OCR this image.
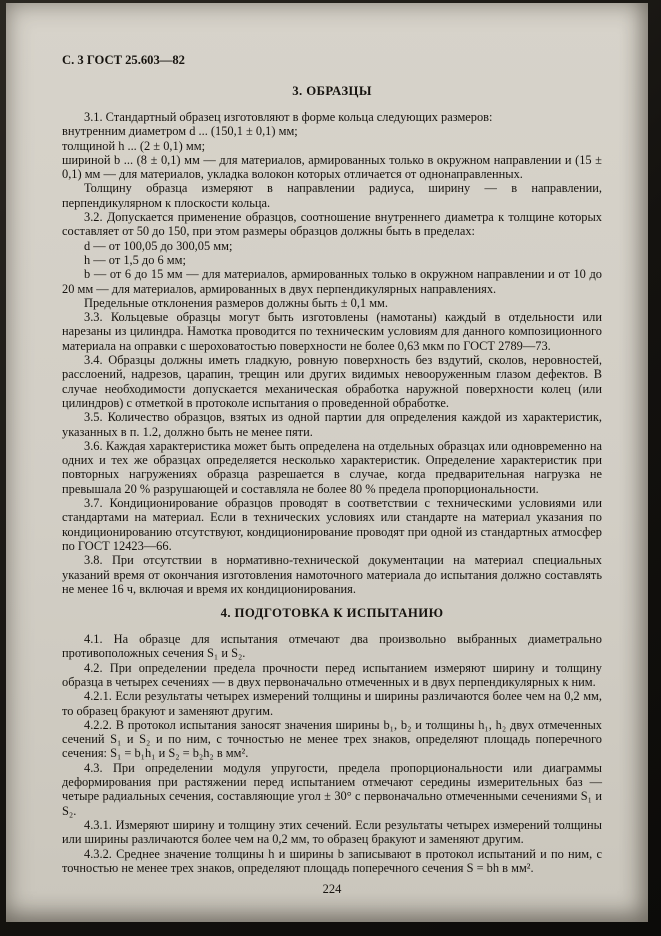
С. 3 ГОСТ 25.603—82
3. ОБРАЗЦЫ

3.1. Стандартный образец изготовляют в форме кольца следующих размеров:

внутренним диаметром d ... (150,1 ± 0,1) мм;

толщиной h ... (2 ± 0,1) мм;

шириной b ... (8 ± 0,1) мм — для материалов, армированных только в окружном направлении и (15 ± 0,1) мм — для материалов, укладка волокон которых отличается от однонаправленных.

Толщину образца измеряют в направлении радиуса, ширину — в направлении, перпендикулярном к плоскости кольца.

3.2. Допускается применение образцов, соотношение внутреннего диаметра к толщине которых составляет от 50 до 150, при этом размеры образцов должны быть в пределах:

d — от 100,05 до 300,05 мм;

h — от 1,5 до 6 мм;

b — от 6 до 15 мм — для материалов, армированных только в окружном направлении и от 10 до 20 мм — для материалов, армированных в двух перпендикулярных направлениях.

Предельные отклонения размеров должны быть ± 0,1 мм.

3.3. Кольцевые образцы могут быть изготовлены (намотаны) каждый в отдельности или нарезаны из цилиндра. Намотка проводится по техническим условиям для данного композиционного материала на оправки с шероховатостью поверхности не более 0,63 мкм по ГОСТ 2789—73.

3.4. Образцы должны иметь гладкую, ровную поверхность без вздутий, сколов, неровностей, расслоений, надрезов, царапин, трещин или других видимых невооруженным глазом дефектов. В случае необходимости допускается механическая обработка наружной поверхности колец (или цилиндров) с отметкой в протоколе испытания о проведенной обработке.

3.5. Количество образцов, взятых из одной партии для определения каждой из характеристик, указанных в п. 1.2, должно быть не менее пяти.

3.6. Каждая характеристика может быть определена на отдельных образцах или одновременно на одних и тех же образцах определяется несколько характеристик. Определение характеристик при повторных нагружениях образца разрешается в случае, когда предварительная нагрузка не превышала 20 % разрушающей и составляла не более 80 % предела пропорциональности.

3.7. Кондиционирование образцов проводят в соответствии с техническими условиями или стандартами на материал. Если в технических условиях или стандарте на материал указания по кондиционированию отсутствуют, кондиционирование проводят при одной из стандартных атмосфер по ГОСТ 12423—66.

3.8. При отсутствии в нормативно-технической документации на материал специальных указаний время от окончания изготовления намоточного материала до испытания должно составлять не менее 16 ч, включая и время их кондиционирования.

4. ПОДГОТОВКА К ИСПЫТАНИЮ

4.1. На образце для испытания отмечают два произвольно выбранных диаметрально противоположных сечения S₁ и S₂.

4.2. При определении предела прочности перед испытанием измеряют ширину и толщину образца в четырех сечениях — в двух первоначально отмеченных и в двух перпендикулярных к ним.

4.2.1. Если результаты четырех измерений толщины и ширины различаются более чем на 0,2 мм, то образец бракуют и заменяют другим.

4.2.2. В протокол испытания заносят значения ширины b₁, b₂ и толщины h₁, h₂ двух отмеченных сечений S₁ и S₂ и по ним, с точностью не менее трех знаков, определяют площадь поперечного сечения: S₁ = b₁h₁ и S₂ = b₂h₂ в мм².

4.3. При определении модуля упругости, предела пропорциональности или диаграммы деформирования при растяжении перед испытанием отмечают середины измерительных баз — четыре радиальных сечения, составляющие угол ± 30° с первоначально отмеченными сечениями S₁ и S₂.

4.3.1. Измеряют ширину и толщину этих сечений. Если результаты четырех измерений толщины или ширины различаются более чем на 0,2 мм, то образец бракуют и заменяют другим.

4.3.2. Среднее значение толщины h и ширины b записывают в протокол испытаний и по ним, с точностью не менее трех знаков, определяют площадь поперечного сечения S = bh в мм².

224
